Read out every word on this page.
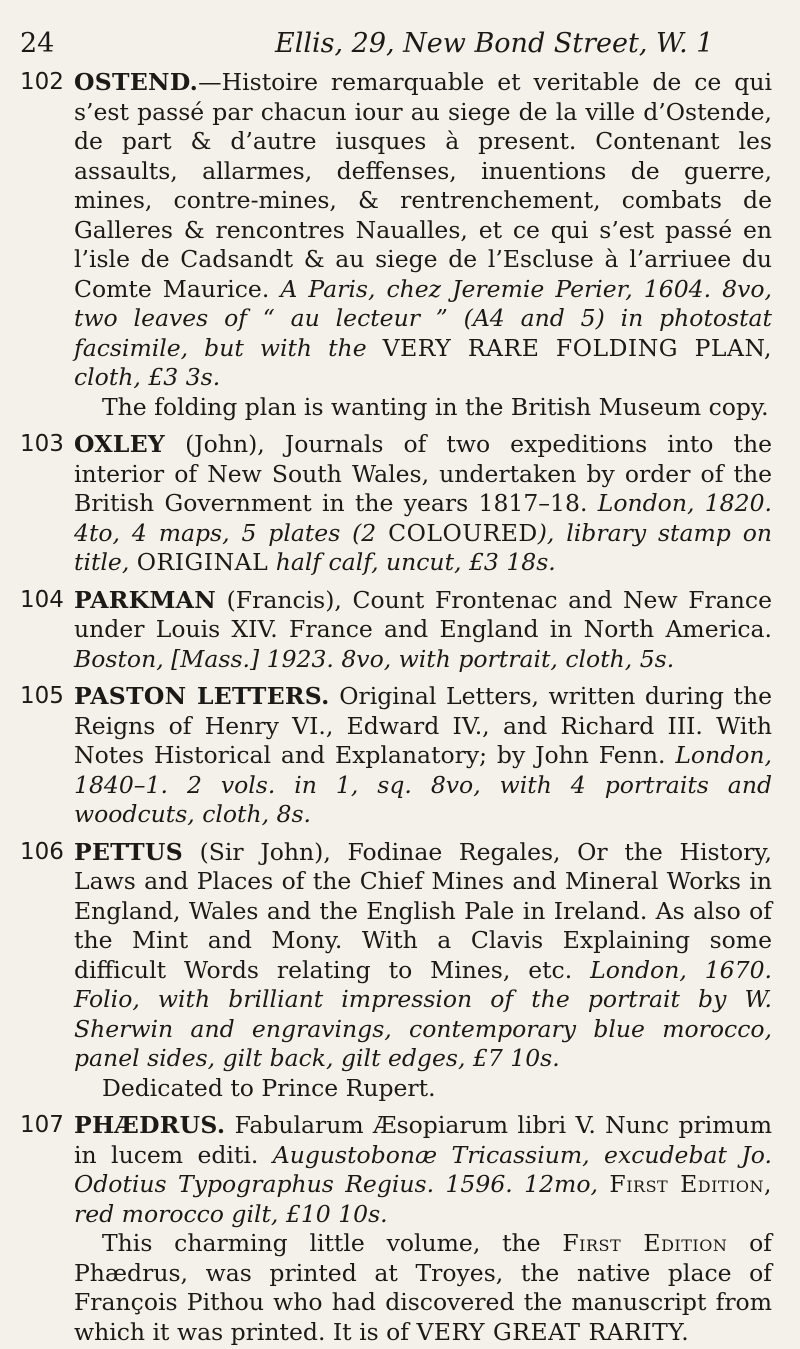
24	Ellis, 29, New Bond Street, W. 1
102 OSTEND.—Histoire remarquable et veritable de ce qui s’est passé par chacun iour au siege de la ville d’Ostende, de part & d’autre iusques à present. Contenant les assaults, allarmes, deffenses, inuentions de guerre, mines, contre-mines, & rentrenchement, combats de Galleres & rencontres Naualles, et ce qui s’est passé en l’isle de Cadsandt & au siege de l’Escluse à l’arriuee du Comte Maurice. A Paris, chez Jeremie Perier, 1604. 8vo, two leaves of “ au lecteur ” (A4 and 5) in photostat facsimile, but with the VERY RARE FOLDING PLAN, cloth, £3 3s.

The folding plan is wanting in the British Museum copy.

103 OXLEY (John), Journals of two expeditions into the interior of New South Wales, undertaken by order of the British Government in the years 1817–18. London, 1820. 4to, 4 maps, 5 plates (2 COLOURED), library stamp on title, ORIGINAL half calf, uncut, £3 18s.

104 PARKMAN (Francis), Count Frontenac and New France under Louis XIV. France and England in North America. Boston, [Mass.] 1923. 8vo, with portrait, cloth, 5s.

105 PASTON LETTERS. Original Letters, written during the Reigns of Henry VI., Edward IV., and Richard III. With Notes Historical and Explanatory; by John Fenn. London, 1840–1. 2 vols. in 1, sq. 8vo, with 4 portraits and woodcuts, cloth, 8s.

106 PETTUS (Sir John), Fodinae Regales, Or the History, Laws and Places of the Chief Mines and Mineral Works in England, Wales and the English Pale in Ireland. As also of the Mint and Mony. With a Clavis Explaining some difficult Words relating to Mines, etc. London, 1670. Folio, with brilliant impression of the portrait by W. Sherwin and engravings, contemporary blue morocco, panel sides, gilt back, gilt edges, £7 10s.

Dedicated to Prince Rupert.

107 PHÆDRUS. Fabularum Æsopiarum libri V. Nunc primum in lucem editi. Augustobonæ Tricassium, excudebat Jo. Odotius Typographus Regius. 1596. 12mo, First Edition, red morocco gilt, £10 10s.

This charming little volume, the First Edition of Phædrus, was printed at Troyes, the native place of François Pithou who had discovered the manuscript from which it was printed. It is of VERY GREAT RARITY.
